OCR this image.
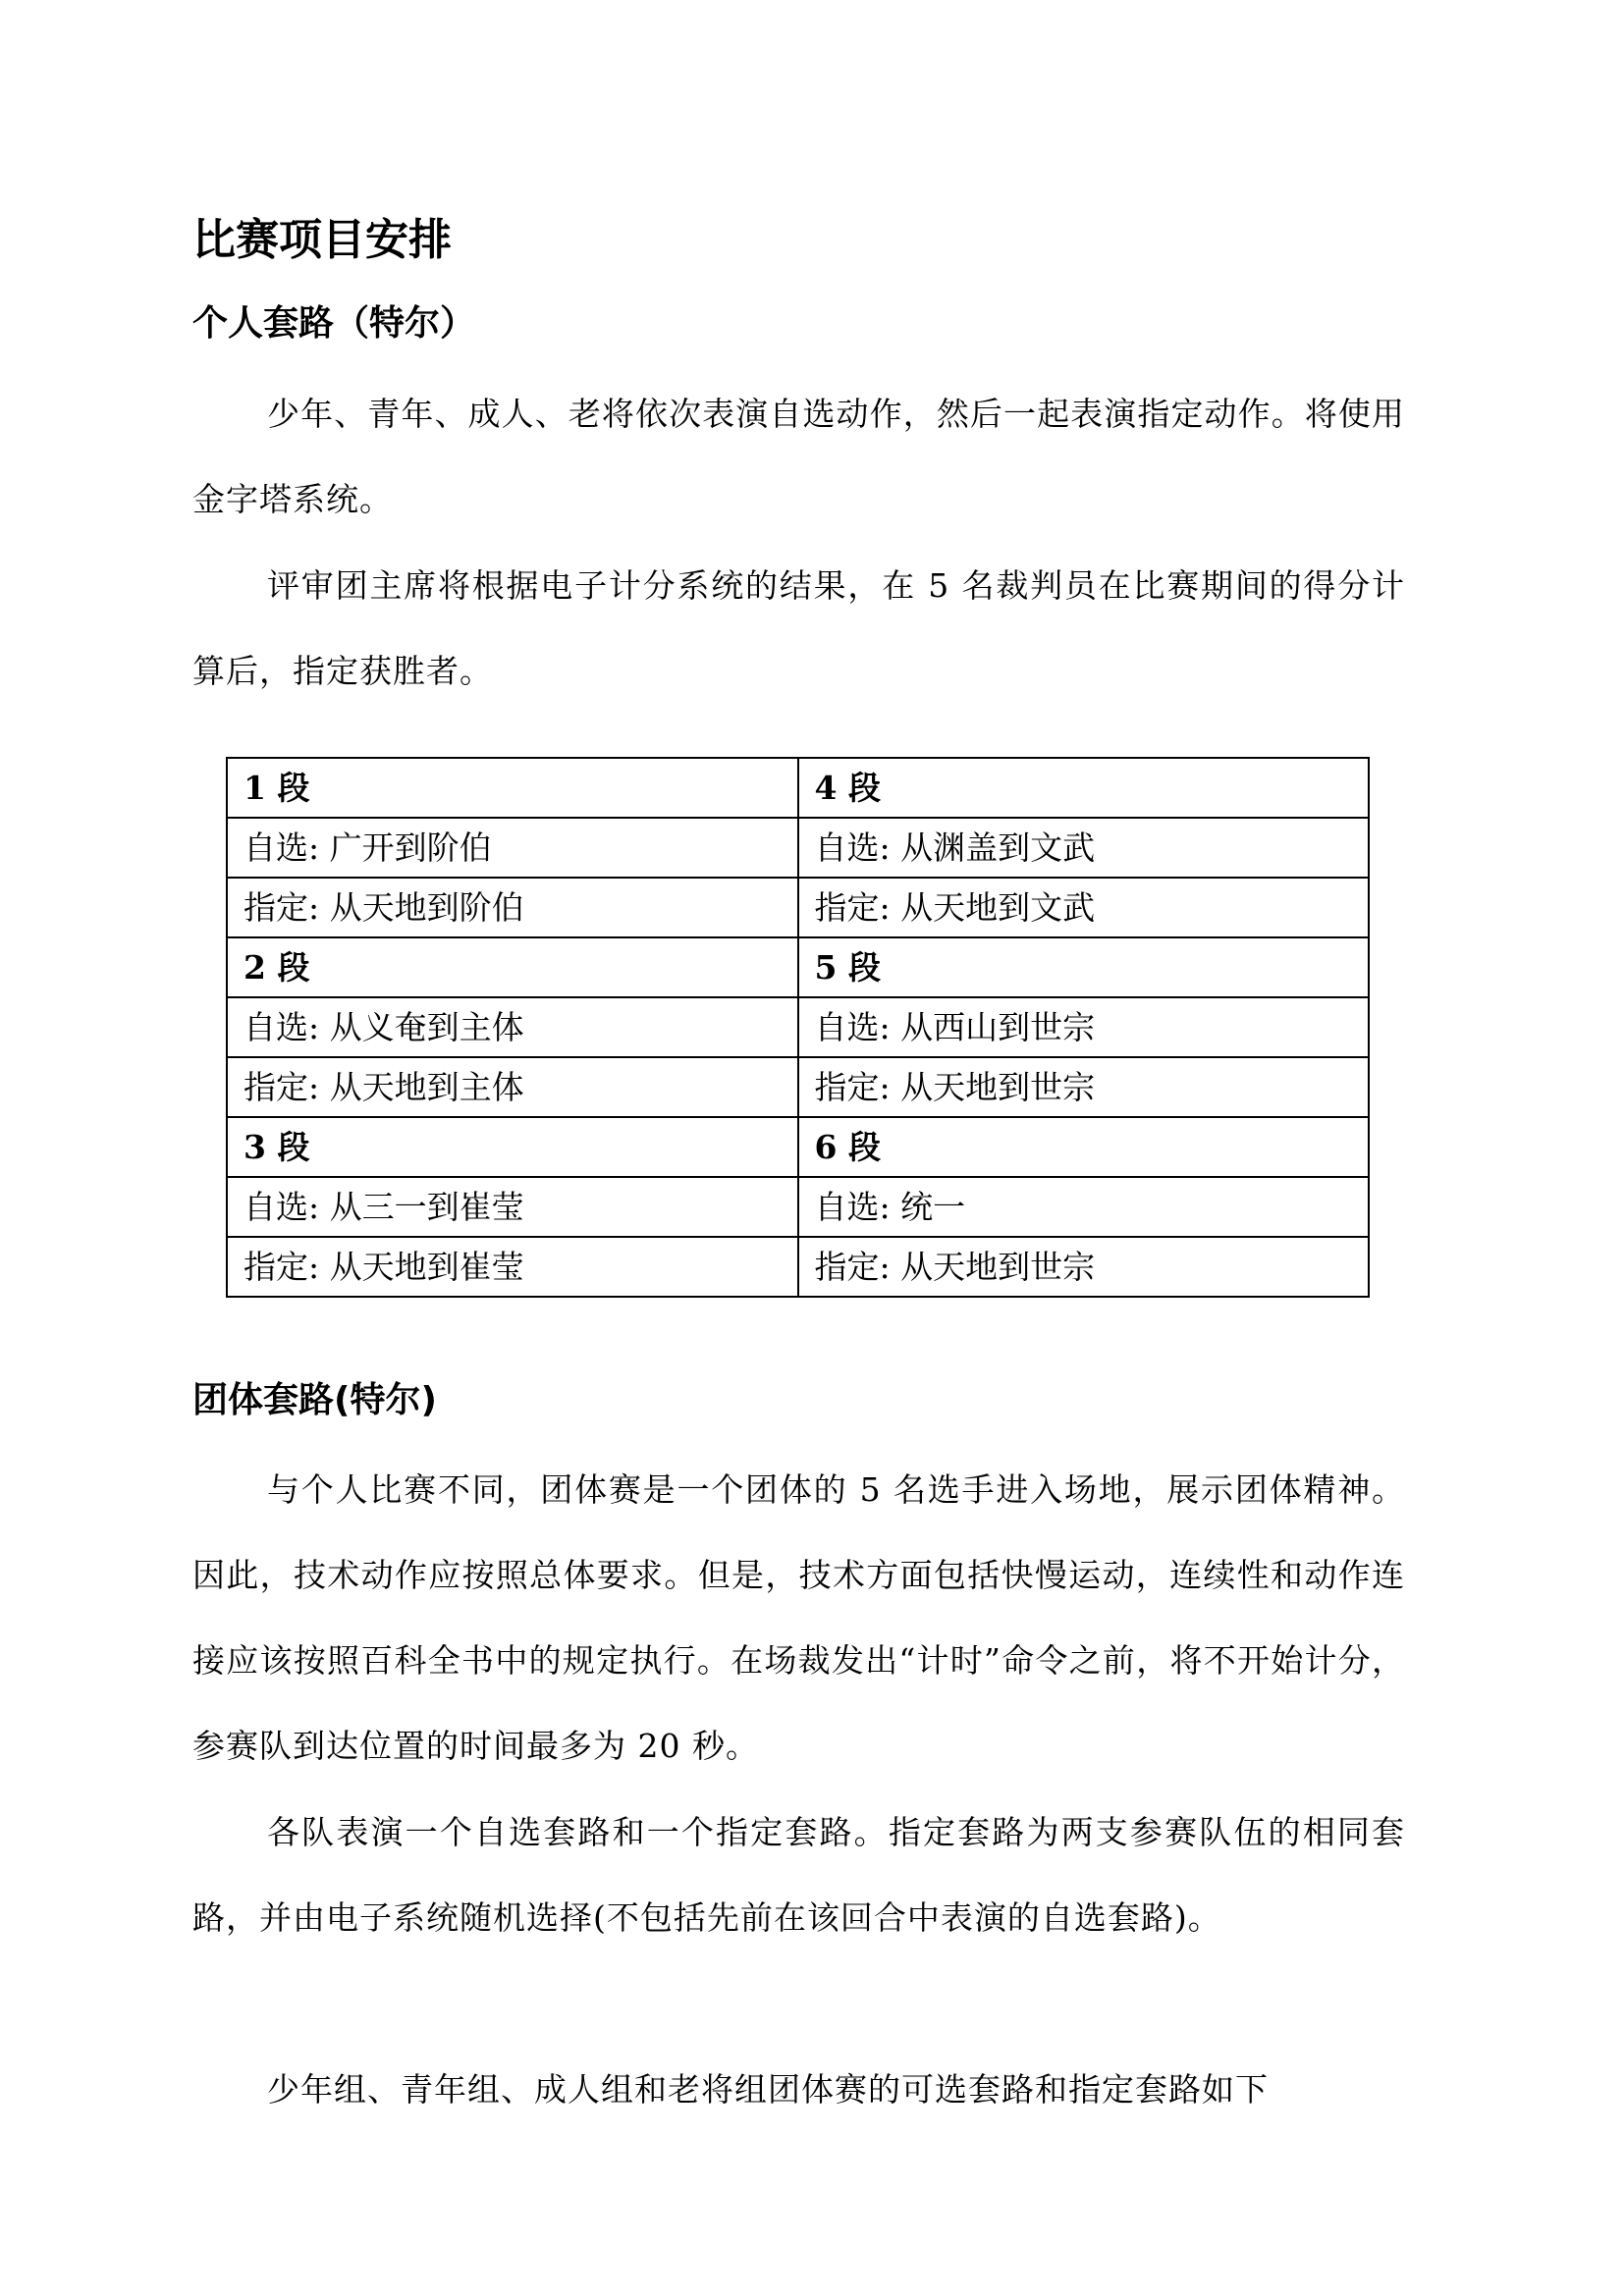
比赛项目安排
个人套路（特尔）

少年、青年、成人、老将依次表演自选动作，然后一起表演指定动作。将使用金字塔系统。

评审团主席将根据电子计分系统的结果，在 5 名裁判员在比赛期间的得分计算后，指定获胜者。

1 段	4 段
自选: 广开到阶伯	自选: 从渊盖到文武
指定: 从天地到阶伯	指定: 从天地到文武
2 段	5 段
自选: 从义奄到主体	自选: 从西山到世宗
指定: 从天地到主体	指定: 从天地到世宗
3 段	6 段
自选: 从三一到崔莹	自选: 统一
指定: 从天地到崔莹	指定: 从天地到世宗
团体套路(特尔)

与个人比赛不同，团体赛是一个团体的 5 名选手进入场地，展示团体精神。因此，技术动作应按照总体要求。但是，技术方面包括快慢运动，连续性和动作连接应该按照百科全书中的规定执行。在场裁发出“计时”命令之前，将不开始计分，参赛队到达位置的时间最多为 20 秒。

各队表演一个自选套路和一个指定套路。指定套路为两支参赛队伍的相同套路，并由电子系统随机选择(不包括先前在该回合中表演的自选套路)。

少年组、青年组、成人组和老将组团体赛的可选套路和指定套路如下
